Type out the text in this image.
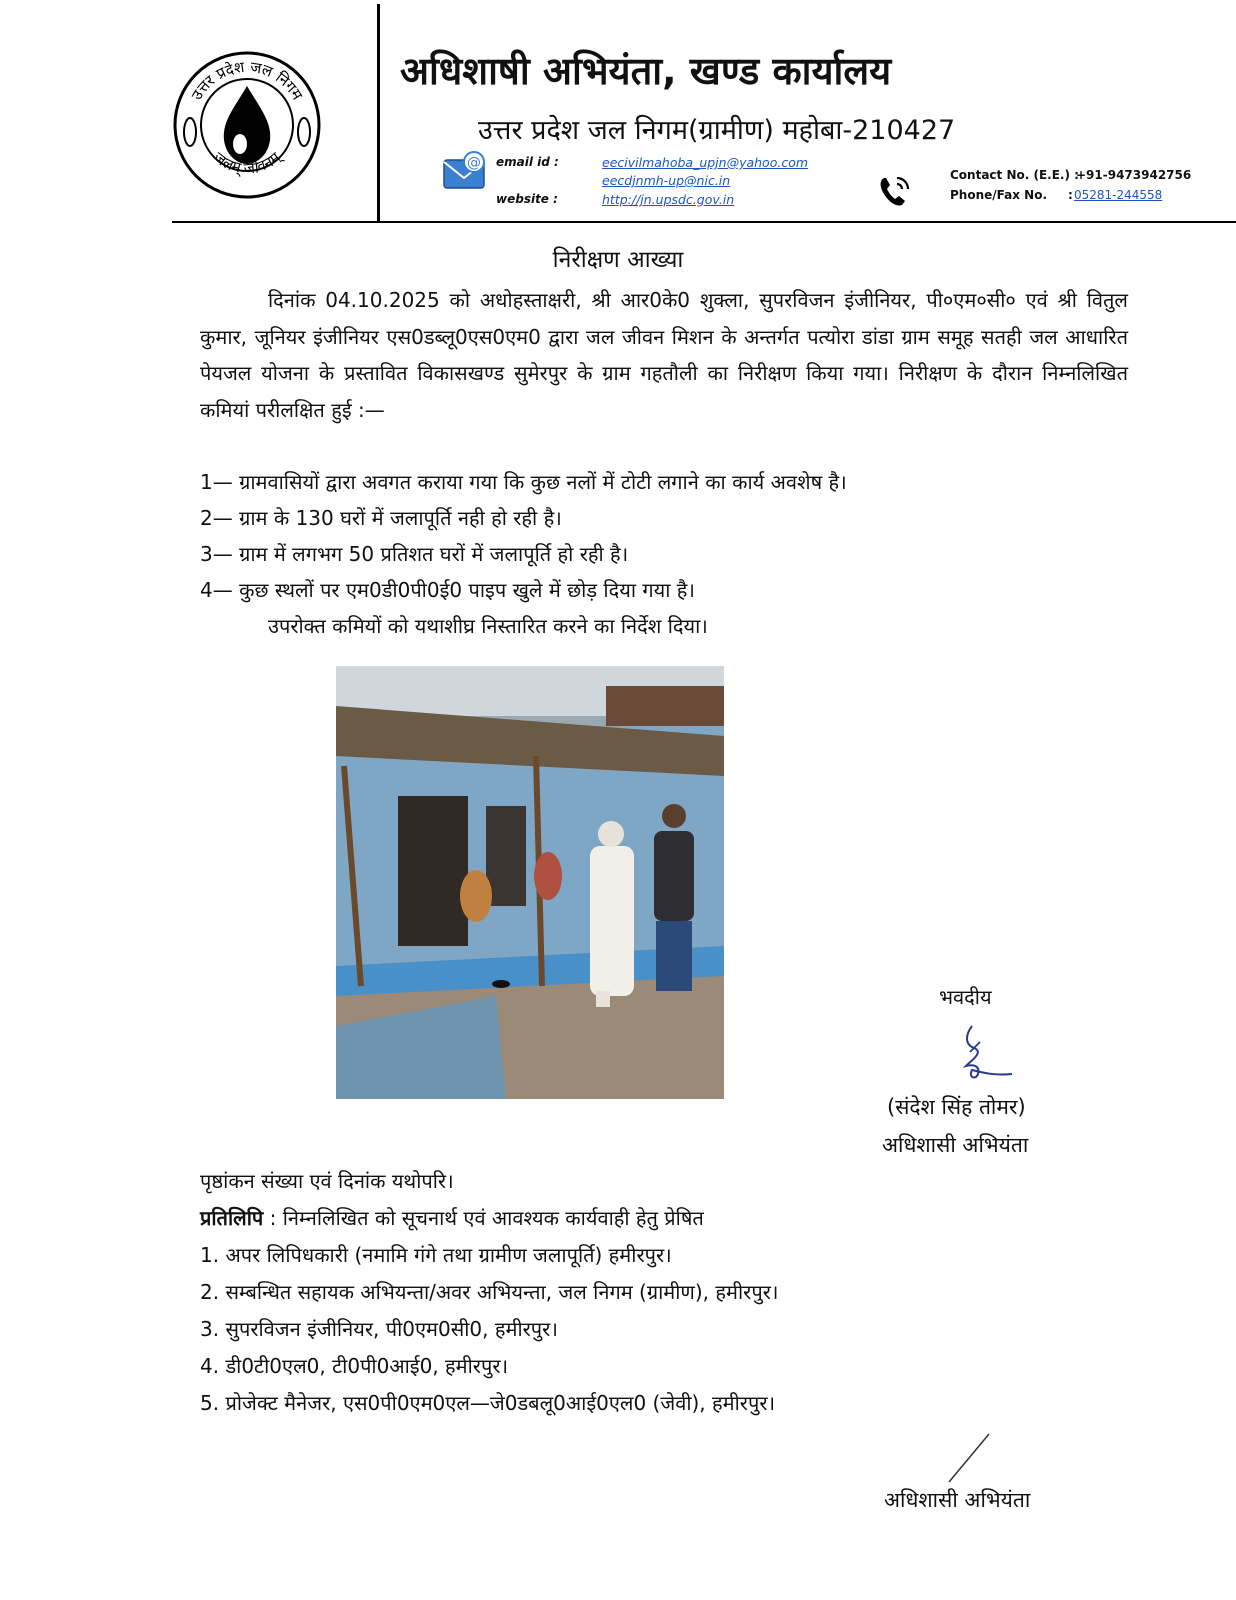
उत्तर प्रदेश जल निगम
जलम् जीवनम्
अधिशाषी अभियंता, खण्ड कार्यालय
उत्तर प्रदेश जल निगम(ग्रामीण) महोबा-210427
@ email id :	eecivilmahoba_upjn@yahoo.com
eecdjnmh-up@nic.in
website :	http://jn.upsdc.gov.in
Contact No. (E.E.) :
+91-9473942756
Phone/Fax No. : 05281-244558
निरीक्षण आख्या
दिनांक 04.10.2025 को अधोहस्ताक्षरी, श्री आर0के0 शुक्ला, सुपरविजन इंजीनियर, पी०एम०सी० एवं श्री वितुल कुमार, जूनियर इंजीनियर एस0डब्लू0एस0एम0 द्वारा जल जीवन मिशन के अन्तर्गत पत्योरा डांडा ग्राम समूह सतही जल आधारित पेयजल योजना के प्रस्तावित विकासखण्ड सुमेरपुर के ग्राम गहतौली का निरीक्षण किया गया। निरीक्षण के दौरान निम्नलिखित कमियां परीलक्षित हुई :—
1— ग्रामवासियों द्वारा अवगत कराया गया कि कुछ नलों में टोटी लगाने का कार्य अवशेष है।
2— ग्राम के 130 घरों में जलापूर्ति नही हो रही है।
3— ग्राम में लगभग 50 प्रतिशत घरों में जलापूर्ति हो रही है।
4— कुछ स्थलों पर एम0डी0पी0ई0 पाइप खुले में छोड़ दिया गया है।
उपरोक्त कमियों को यथाशीघ्र निस्तारित करने का निर्देश दिया।
भवदीय
(संदेश सिंह तोमर)
अधिशासी अभियंता
पृष्ठांकन संख्या एवं दिनांक यथोपरि।
प्रतिलिपि : निम्नलिखित को सूचनार्थ एवं आवश्यक कार्यवाही हेतु प्रेषित
1. अपर लिपिधकारी (नमामि गंगे तथा ग्रामीण जलापूर्ति) हमीरपुर।
2. सम्बन्धित सहायक अभियन्ता/अवर अभियन्ता, जल निगम (ग्रामीण), हमीरपुर।
3. सुपरविजन इंजीनियर, पी0एम0सी0, हमीरपुर।
4. डी0टी0एल0, टी0पी0आई0, हमीरपुर।
5. प्रोजेक्ट मैनेजर, एस0पी0एम0एल—जे0डबलू0आई0एल0 (जेवी), हमीरपुर।
अधिशासी अभियंता
